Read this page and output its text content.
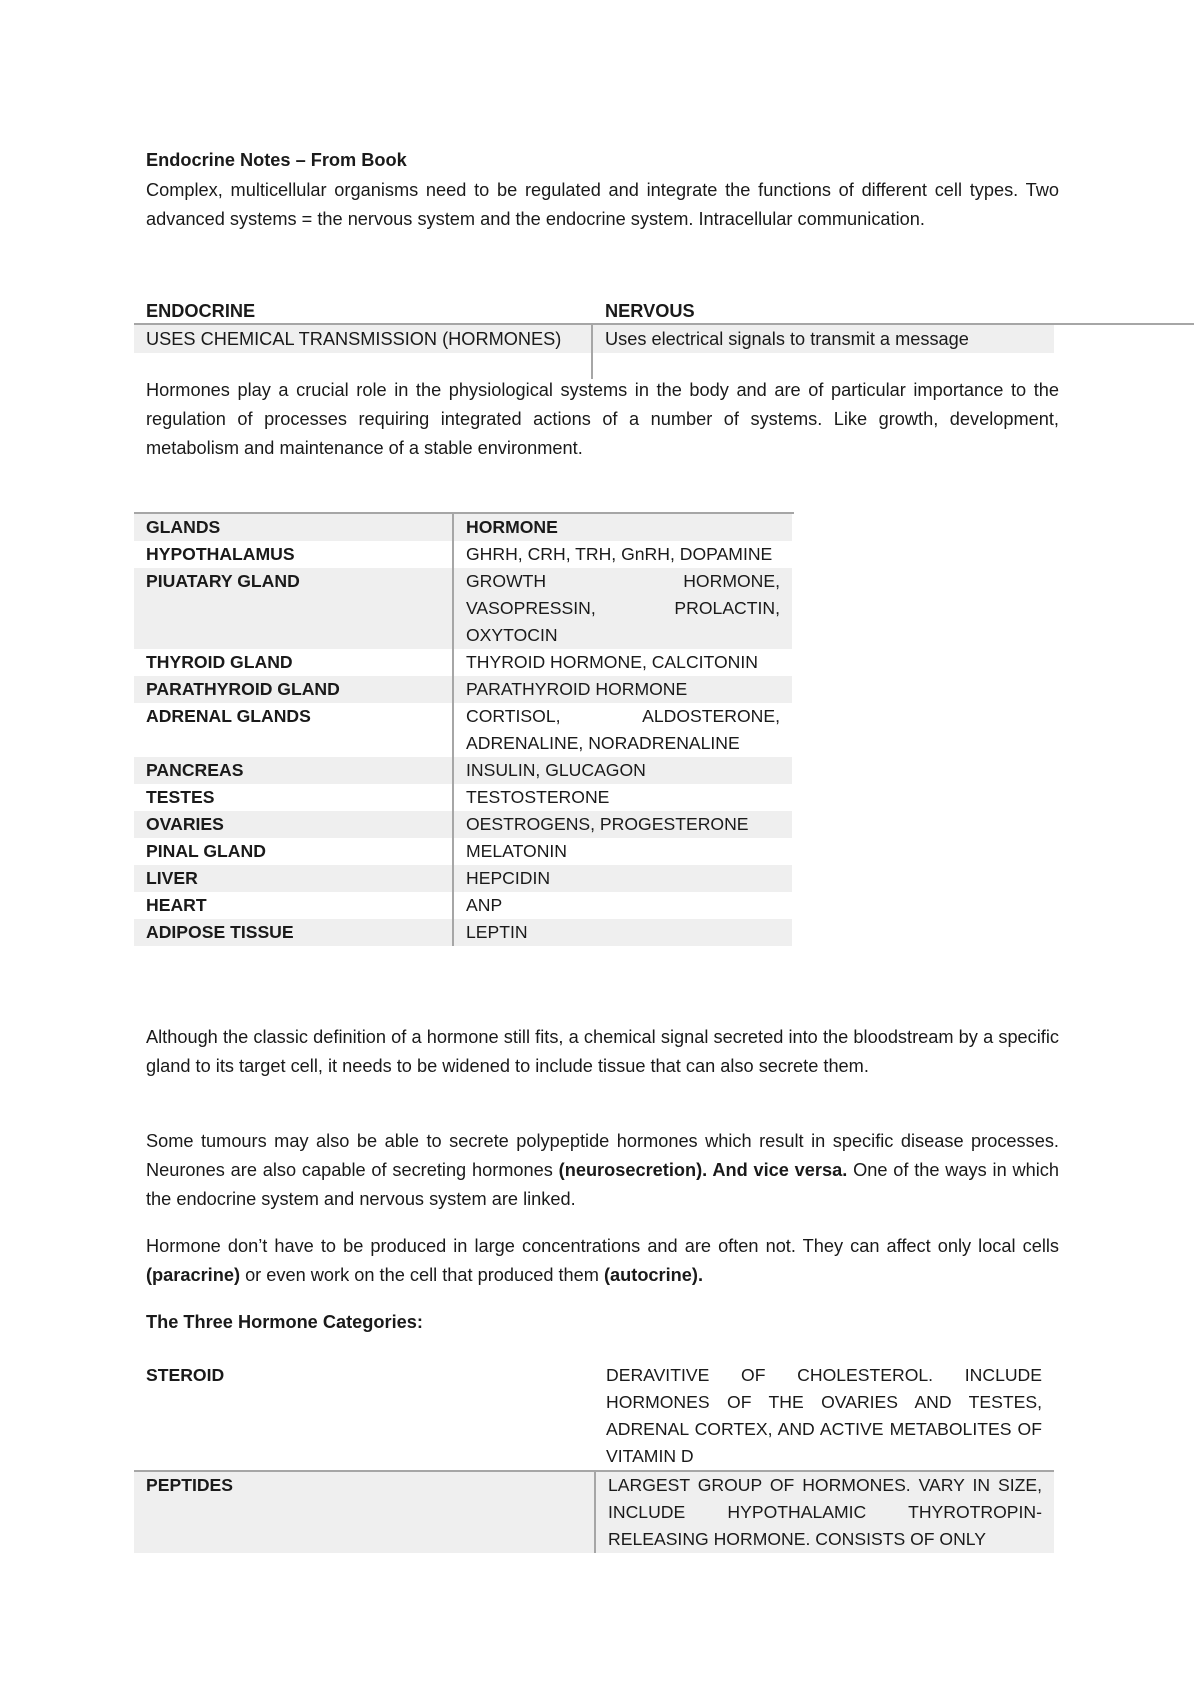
Endocrine Notes – From Book

Complex, multicellular organisms need to be regulated and integrate the functions of different cell types. Two advanced systems = the nervous system and the endocrine system. Intracellular communication.

ENDOCRINE	NERVOUS
USES CHEMICAL TRANSMISSION (HORMONES)	Uses electrical signals to transmit a message

Hormones play a crucial role in the physiological systems in the body and are of particular importance to the regulation of processes requiring integrated actions of a number of systems. Like growth, development, metabolism and maintenance of a stable environment.

GLANDS	HORMONE
HYPOTHALAMUS	GHRH, CRH, TRH, GnRH, DOPAMINE
PIUATARY GLAND	GROWTH HORMONE, VASOPRESSIN, PROLACTIN, OXYTOCIN
THYROID GLAND	THYROID HORMONE, CALCITONIN
PARATHYROID GLAND	PARATHYROID HORMONE
ADRENAL GLANDS	CORTISOL, ALDOSTERONE, ADRENALINE, NORADRENALINE
PANCREAS	INSULIN, GLUCAGON
TESTES	TESTOSTERONE
OVARIES	OESTROGENS, PROGESTERONE
PINAL GLAND	MELATONIN
LIVER	HEPCIDIN
HEART	ANP
ADIPOSE TISSUE	LEPTIN

Although the classic definition of a hormone still fits, a chemical signal secreted into the bloodstream by a specific gland to its target cell, it needs to be widened to include tissue that can also secrete them.

Some tumours may also be able to secrete polypeptide hormones which result in specific disease processes. Neurones are also capable of secreting hormones (neurosecretion). And vice versa. One of the ways in which the endocrine system and nervous system are linked.

Hormone don’t have to be produced in large concentrations and are often not. They can affect only local cells (paracrine) or even work on the cell that produced them (autocrine).

The Three Hormone Categories:
STEROID	DERAVITIVE OF CHOLESTEROL. INCLUDE HORMONES OF THE OVARIES AND TESTES, ADRENAL CORTEX, AND ACTIVE METABOLITES OF VITAMIN D
PEPTIDES	LARGEST GROUP OF HORMONES. VARY IN SIZE, INCLUDE HYPOTHALAMIC THYROTROPIN-RELEASING HORMONE. CONSISTS OF ONLY
